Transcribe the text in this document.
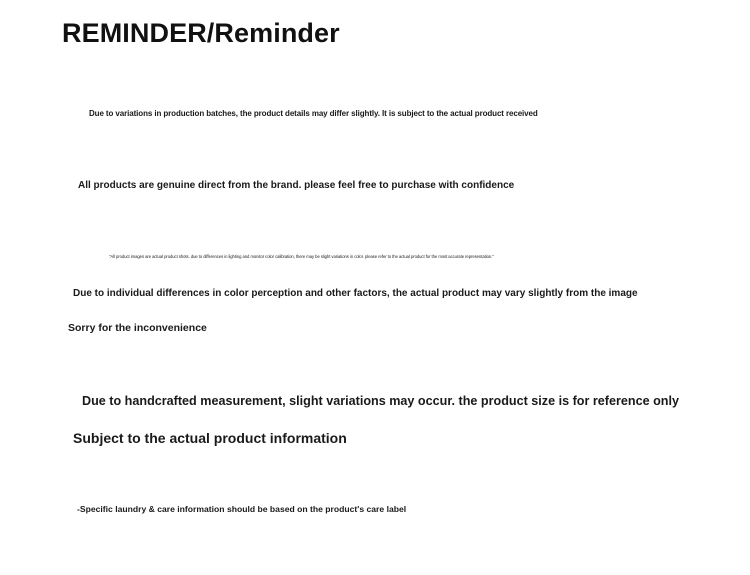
REMINDER/Reminder

Due to variations in production batches, the product details may differ slightly. It is subject to the actual product received

All products are genuine direct from the brand. please feel free to purchase with confidence

"All product images are actual product shots. due to differences in lighting and monitor color calibration, there may be slight variations in color. please refer to the actual product for the most accurate representation."

Due to individual differences in color perception and other factors, the actual product may vary slightly from the image

Sorry for the inconvenience

Due to handcrafted measurement, slight variations may occur. the product size is for reference only

Subject to the actual product information

-Specific laundry & care information should be based on the product's care label
